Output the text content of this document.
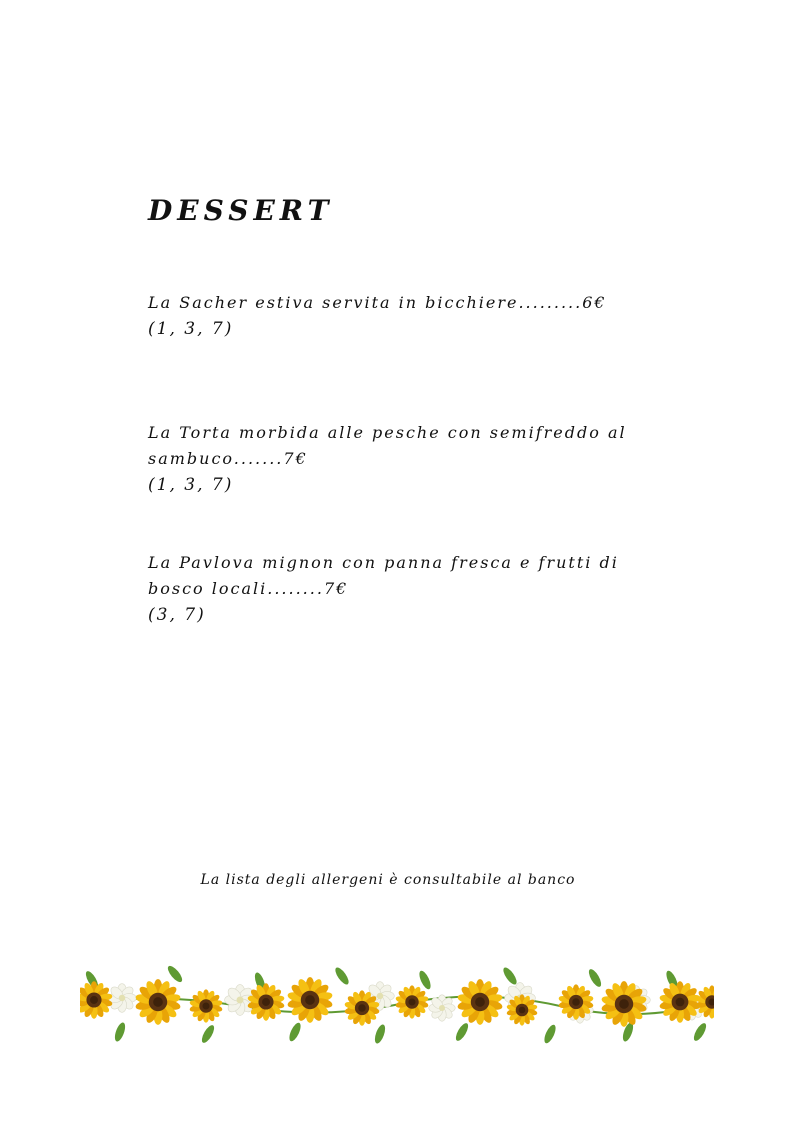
DESSERT
La Sacher estiva servita in bicchiere.........6€
(1, 3, 7)
La Torta morbida alle pesche con semifreddo al sambuco.......7€
(1, 3, 7)
La Pavlova mignon con panna fresca e frutti di bosco locali........7€
(3, 7)
La lista degli allergeni è consultabile al banco
